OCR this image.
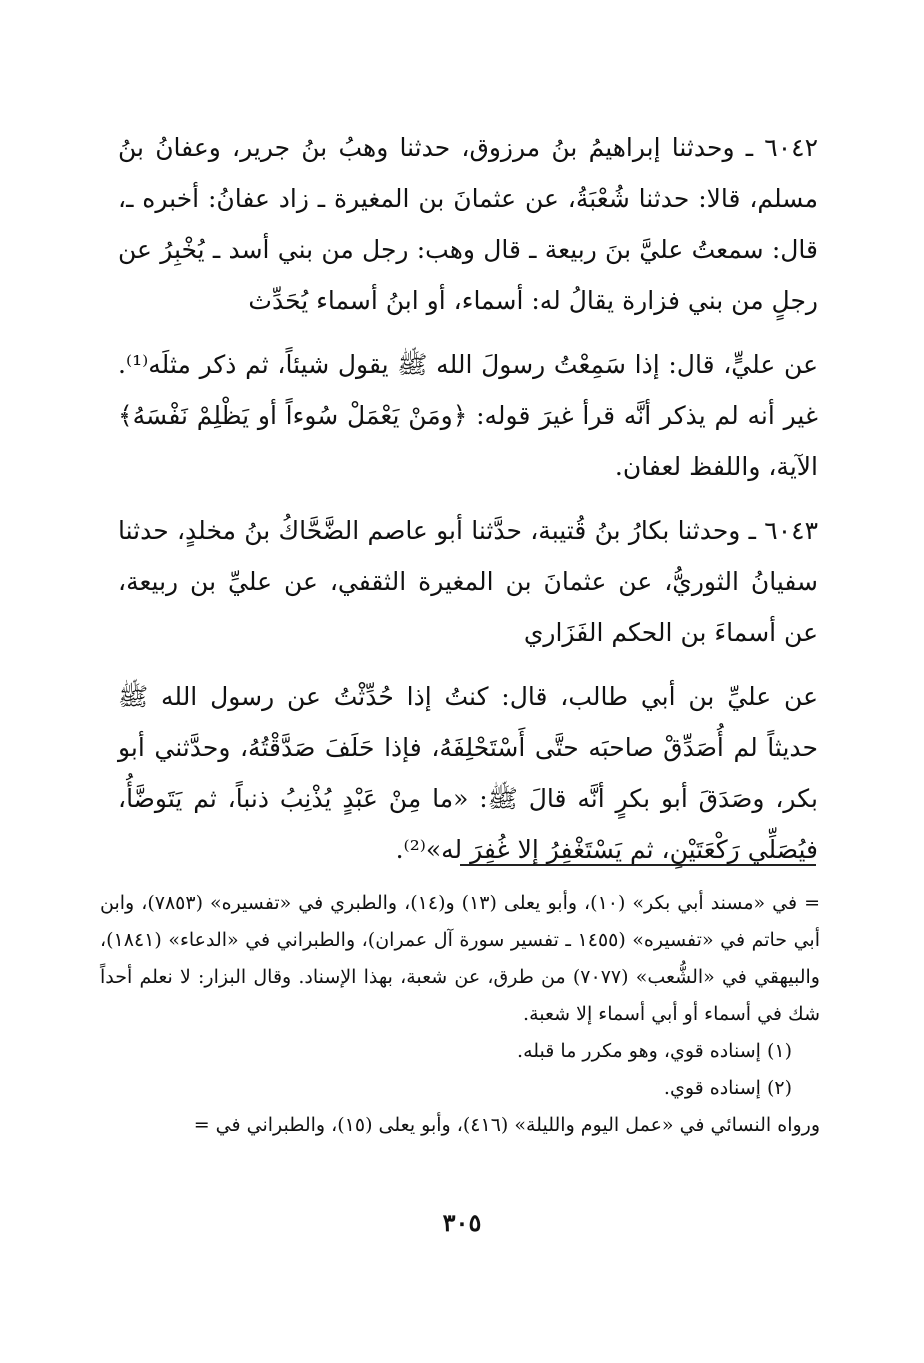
٦٠٤٢ ـ وحدثنا إبراهيمُ بنُ مرزوق، حدثنا وهبُ بنُ جرير، وعفانُ بنُ مسلم، قالا: حدثنا شُعْبَةُ، عن عثمانَ بن المغيرة ـ زاد عفانُ: أخبره ـ، قال: سمعتُ عليَّ بنَ ربيعة ـ قال وهب: رجل من بني أسد ـ يُخْبِرُ عن رجلٍ من بني فزارة يقالُ له: أسماء، أو ابنُ أسماء يُحَدِّث

عن عليٍّ، قال: إذا سَمِعْتُ رسولَ الله ﷺ يقول شيئاً، ثم ذكر مثلَه⁽¹⁾. غير أنه لم يذكر أنَّه قرأ غيرَ قوله: ﴿ومَنْ يَعْمَلْ سُوءاً أو يَظْلِمْ نَفْسَهُ﴾ الآية، واللفظ لعفان.

٦٠٤٣ ـ وحدثنا بكارُ بنُ قُتيبة، حدَّثنا أبو عاصم الضَّحَّاكُ بنُ مخلدٍ، حدثنا سفيانُ الثوريُّ، عن عثمانَ بن المغيرة الثقفي، عن عليِّ بن ربيعة، عن أسماءَ بن الحكم الفَزَاري

عن عليِّ بن أبي طالب، قال: كنتُ إذا حُدِّثْتُ عن رسول الله ﷺ حديثاً لم أُصَدِّقْ صاحبَه حتَّى أَسْتَحْلِفَهُ، فإذا حَلَفَ صَدَّقْتُهُ، وحدَّثني أبو بكر، وصَدَقَ أبو بكرٍ أنَّه قالَ ﷺ: «ما مِنْ عَبْدٍ يُذْنِبُ ذنباً، ثم يَتَوضَّأُ، فيُصَلِّي رَكْعَتَيْنِ، ثم يَسْتَغْفِرُ إلا غُفِرَ له»⁽²⁾.

= في «مسند أبي بكر» (١٠)، وأبو يعلى (١٣) و(١٤)، والطبري في «تفسيره» (٧٨٥٣)، وابن أبي حاتم في «تفسيره» (١٤٥٥ ـ تفسير سورة آل عمران)، والطبراني في «الدعاء» (١٨٤١)، والبيهقي في «الشُّعب» (٧٠٧٧) من طرق، عن شعبة، بهذا الإسناد. وقال البزار: لا نعلم أحداً شك في أسماء أو أبي أسماء إلا شعبة.

(١) إسناده قوي، وهو مكرر ما قبله.

(٢) إسناده قوي.

ورواه النسائي في «عمل اليوم والليلة» (٤١٦)، وأبو يعلى (١٥)، والطبراني في =

٣٠٥
